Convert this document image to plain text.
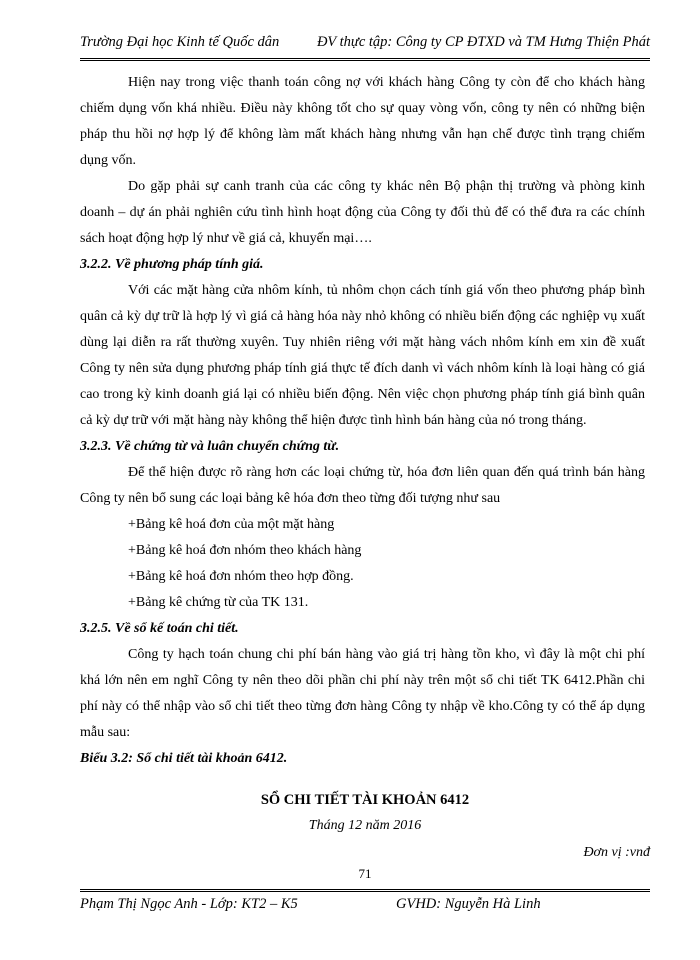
Trường Đại học Kinh tế Quốc dân	ĐV thực tập: Công ty CP ĐTXD và TM Hưng Thiện Phát

Hiện nay trong việc thanh toán công nợ với khách hàng Công ty còn để cho khách hàng chiếm dụng vốn khá nhiều. Điều này không tốt cho sự quay vòng vốn, công ty nên có những biện pháp thu hồi nợ hợp lý để không làm mất khách hàng nhưng vẫn hạn chế được tình trạng chiếm dụng vốn.

Do gặp phải sự canh tranh của các công ty khác nên Bộ phận thị trường và phòng kinh doanh – dự án phải nghiên cứu tình hình hoạt động của Công ty đối thủ để có thể đưa ra các chính sách hoạt động hợp lý như về giá cả, khuyến mại….

3.2.2. Về phương pháp tính giá.

Với các mặt hàng cửa nhôm kính, tủ nhôm chọn cách tính giá vốn theo phương pháp bình quân cả kỳ dự trữ là hợp lý vì giá cả hàng hóa này nhỏ không có nhiều biến động các nghiệp vụ xuất dùng lại diễn ra rất thường xuyên. Tuy nhiên riêng với mặt hàng vách nhôm kính em xin đề xuất Công ty nên sửa dụng phương pháp tính giá thực tế đích danh vì vách nhôm kính là loại hàng có giá cao trong kỳ kinh doanh giá lại có nhiều biến động. Nên việc chọn phương pháp tính giá bình quân cả kỳ dự trữ với mặt hàng này không thể hiện được tình hình bán hàng của nó trong tháng.

3.2.3. Về chứng từ và luân chuyển chứng từ.

Để thể hiện được rõ ràng hơn các loại chứng từ, hóa đơn liên quan đến quá trình bán hàng Công ty nên bổ sung các loại bảng kê hóa đơn theo từng đối tượng như sau

+Bảng kê hoá đơn của một mặt hàng

+Bảng kê hoá đơn nhóm theo khách hàng

+Bảng kê hoá đơn nhóm theo hợp đồng.

+Bảng kê chứng từ của TK 131.

3.2.5. Về sổ kế toán chi tiết.

Công ty hạch toán chung chi phí bán hàng vào giá trị hàng tồn kho, vì đây là một chi phí khá lớn nên em nghĩ Công ty nên theo dõi phần chi phí này trên một sổ chi tiết TK 6412.Phần chi phí này có thể nhập vào sổ chi tiết theo từng đơn hàng Công ty nhập về kho.Công ty có thể áp dụng mẫu sau:

Biểu 3.2: Sổ chi tiết tài khoản 6412.

SỔ CHI TIẾT TÀI KHOẢN 6412
Tháng 12 năm 2016
Đơn vị :vnđ
71
Phạm Thị Ngọc Anh - Lớp: KT2 – K5	GVHD: Nguyễn Hà Linh
